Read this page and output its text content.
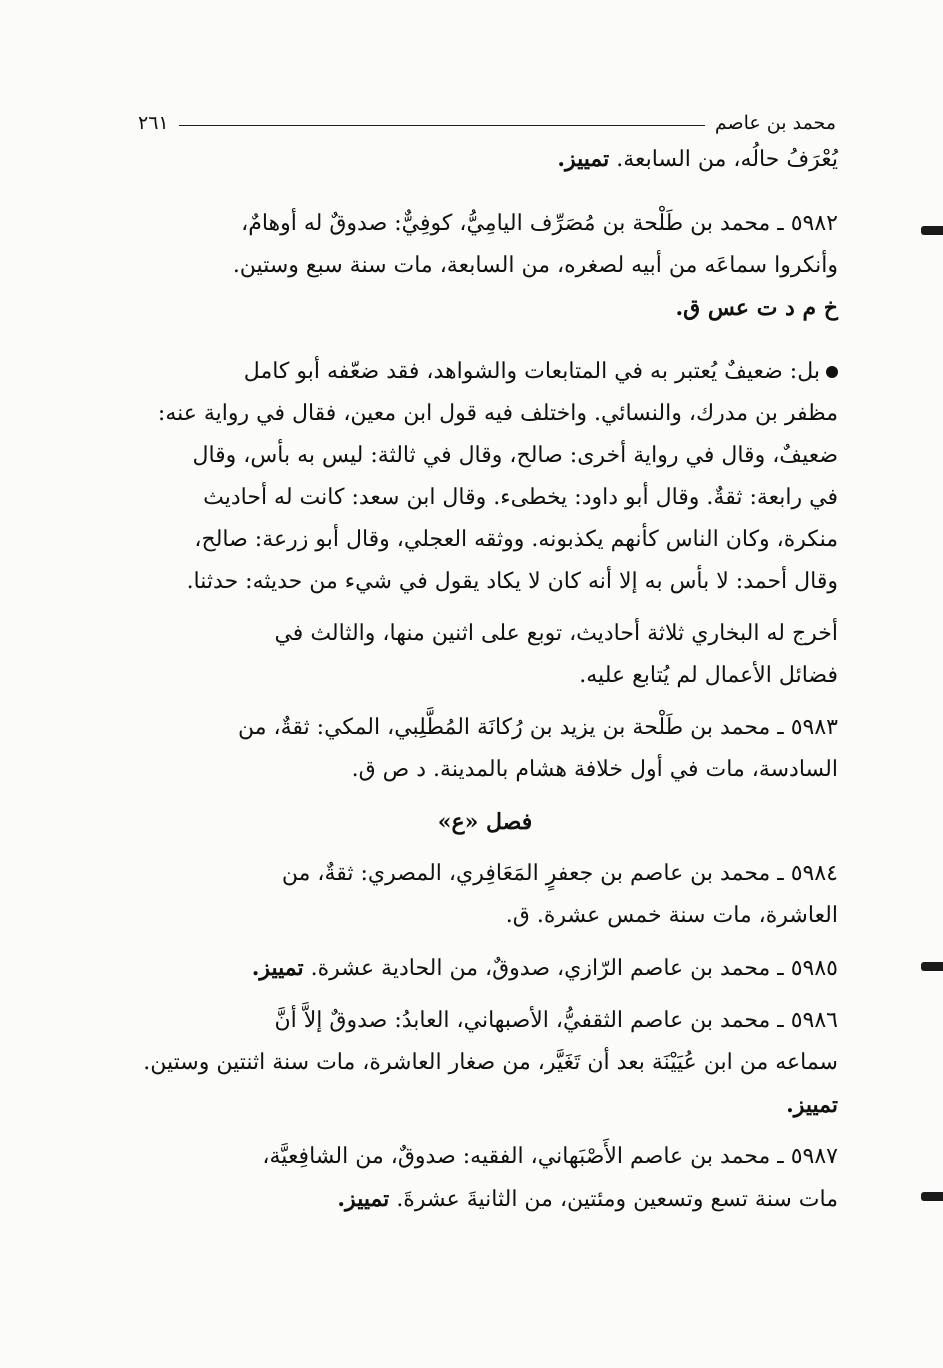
محمد بن عاصم
٢٦١

يُعْرَفُ حالُه، من السابعة. تمييز.

٥٩٨٢ ـ محمد بن طَلْحة بن مُصَرِّف اليامِيُّ، كوفِيٌّ: صدوقٌ له أوهامٌ،

وأنكروا سماعَه من أبيه لصغره، من السابعة، مات سنة سبع وستين.

خ م د ت عس ق.

بل: ضعيفٌ يُعتبر به في المتابعات والشواهد، فقد ضعّفه أبو كامل

مظفر بن مدرك، والنسائي. واختلف فيه قول ابن معين، فقال في رواية عنه:

ضعيفٌ، وقال في رواية أخرى: صالح، وقال في ثالثة: ليس به بأس، وقال

في رابعة: ثقةٌ. وقال أبو داود: يخطىء. وقال ابن سعد: كانت له أحاديث

منكرة، وكان الناس كأنهم يكذبونه. ووثقه العجلي، وقال أبو زرعة: صالح،

وقال أحمد: لا بأس به إلا أنه كان لا يكاد يقول في شيء من حديثه: حدثنا.

أخرج له البخاري ثلاثة أحاديث، توبع على اثنين منها، والثالث في

فضائل الأعمال لم يُتابع عليه.

٥٩٨٣ ـ محمد بن طَلْحة بن يزيد بن رُكانَة المُطَّلِبي، المكي: ثقةٌ، من

السادسة، مات في أول خلافة هشام بالمدينة. د ص ق.

فصل «ع»

٥٩٨٤ ـ محمد بن عاصم بن جعفرٍ المَعَافِري، المصري: ثقةٌ، من

العاشرة، مات سنة خمس عشرة. ق.

٥٩٨٥ ـ محمد بن عاصم الرّازي، صدوقٌ، من الحادية عشرة. تمييز.

٥٩٨٦ ـ محمد بن عاصم الثقفيُّ، الأصبهاني، العابدُ: صدوقٌ إلاَّ أنَّ

سماعه من ابن عُيَيْنَة بعد أن تَغَيَّر، من صغار العاشرة، مات سنة اثنتين وستين.

تمييز.

٥٩٨٧ ـ محمد بن عاصم الأَصْبَهاني، الفقيه: صدوقٌ، من الشافِعيَّة،

مات سنة تسع وتسعين ومئتين، من الثانيةَ عشرةَ. تمييز.
